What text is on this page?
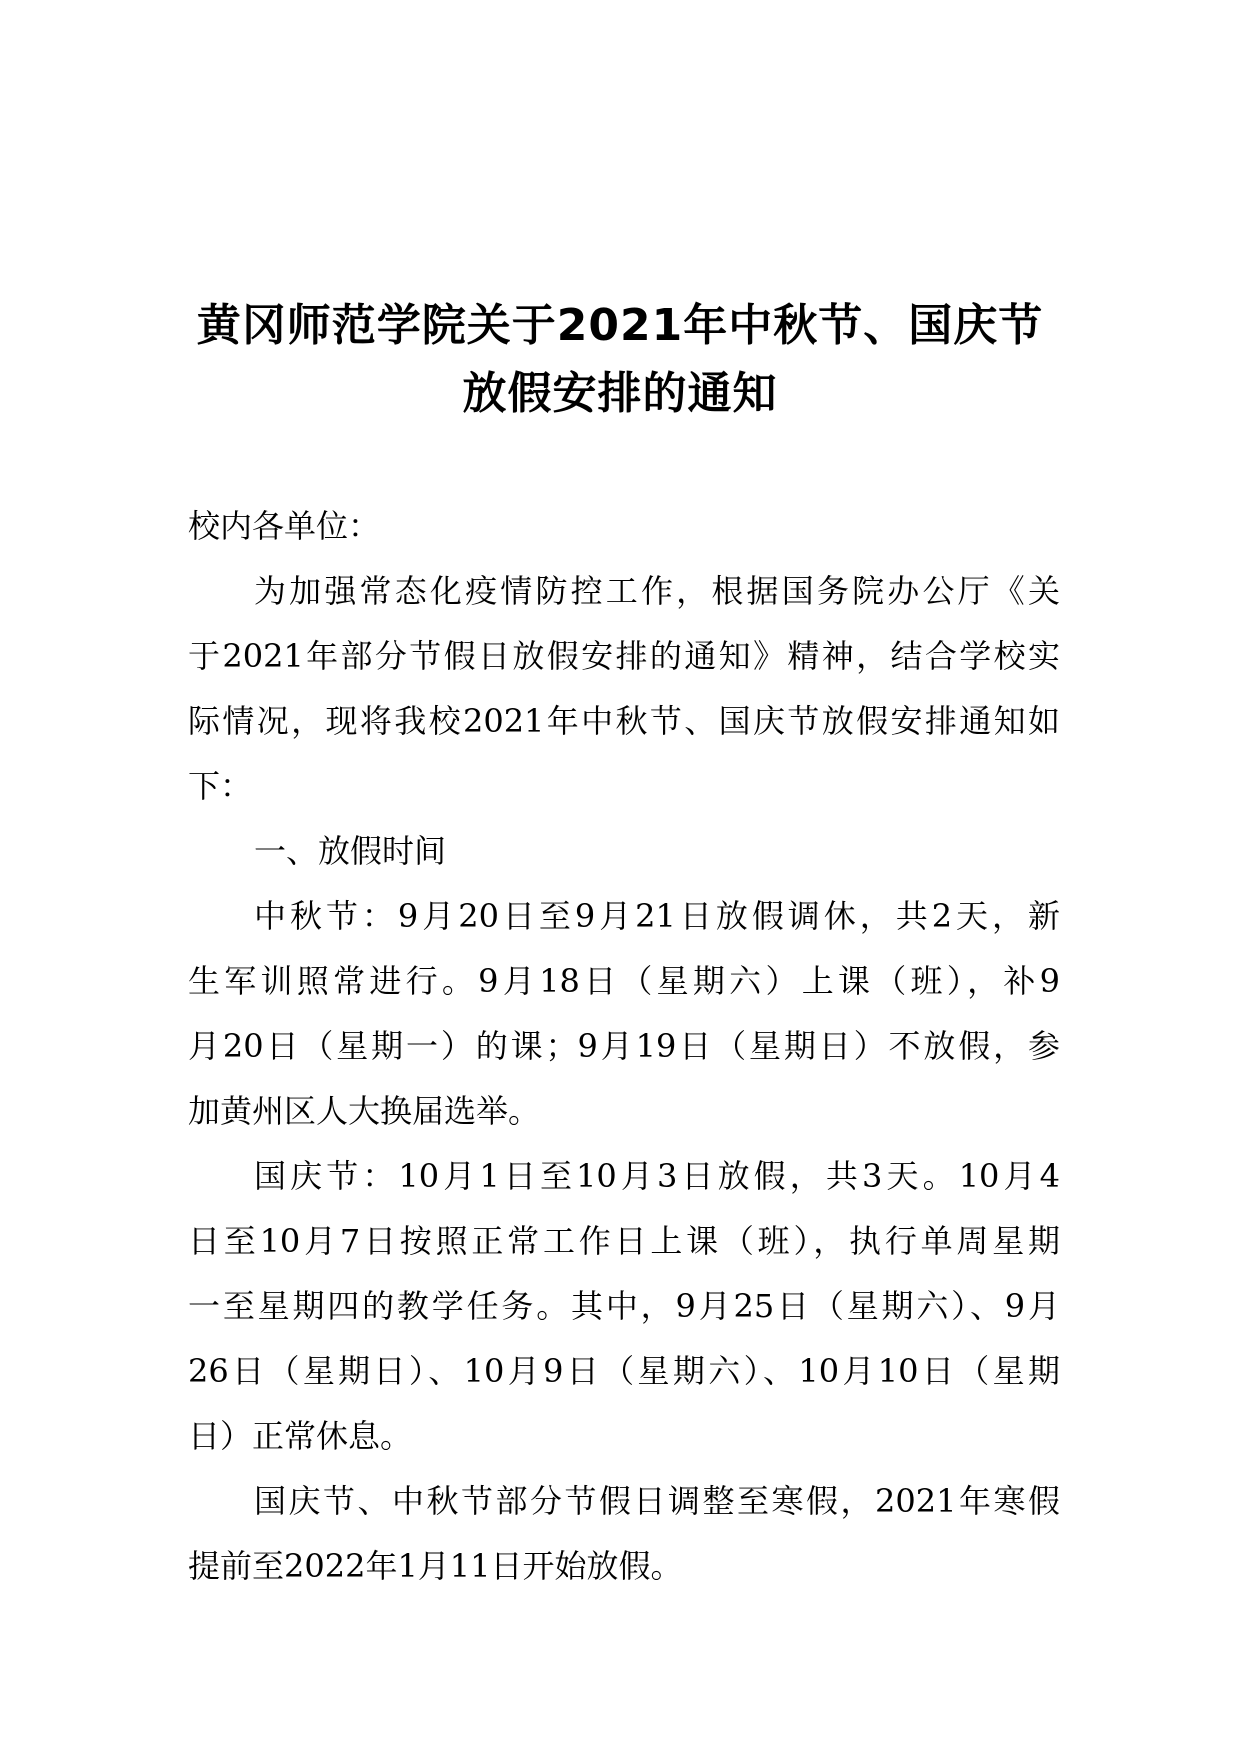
黄冈师范学院关于2021年中秋节、国庆节
放假安排的通知
校内各单位：
为加强常态化疫情防控工作，根据国务院办公厅《关
于2021年部分节假日放假安排的通知》精神，结合学校实
际情况，现将我校2021年中秋节、国庆节放假安排通知如
下：
一、放假时间
中秋节：9月20日至9月21日放假调休，共2天，新
生军训照常进行。9月18日（星期六）上课（班），补9
月20日（星期一）的课；9月19日（星期日）不放假，参
加黄州区人大换届选举。
国庆节：10月1日至10月3日放假，共3天。10月4
日至10月7日按照正常工作日上课（班），执行单周星期
一至星期四的教学任务。其中，9月25日（星期六）、9月
26日（星期日）、10月9日（星期六）、10月10日（星期
日）正常休息。
国庆节、中秋节部分节假日调整至寒假，2021年寒假
提前至2022年1月11日开始放假。
